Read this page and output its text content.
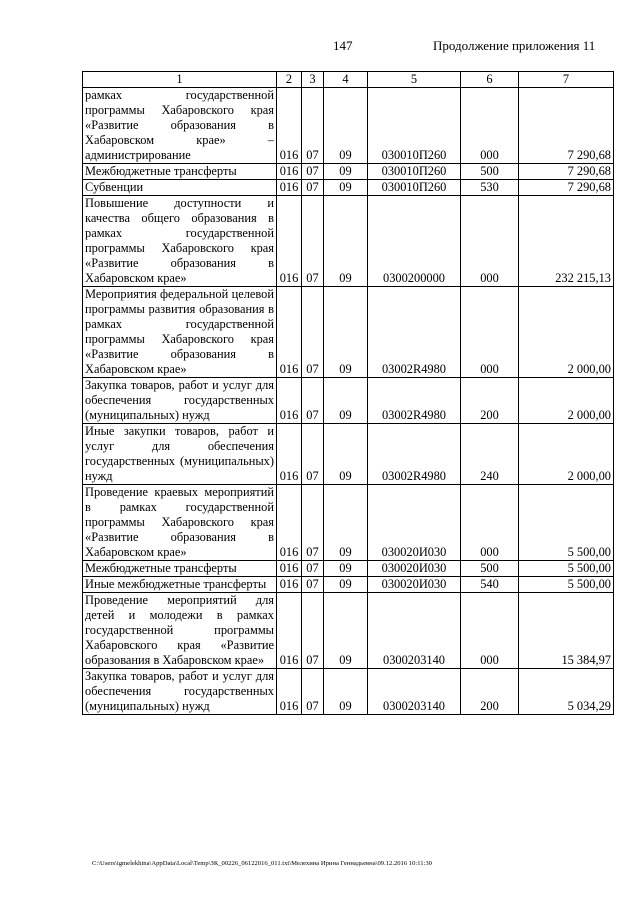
147	Продолжение приложения 11
1	2	3	4	5	6	7
рамках государственной программы Хабаровского края «Развитие образования в Хабаровском крае» – администрирование	016	07	09	030010П260	000	7 290,68
Межбюджетные трансферты	016	07	09	030010П260	500	7 290,68
Субвенции	016	07	09	030010П260	530	7 290,68
Повышение доступности и качества общего образования в рамках государственной программы Хабаровского края «Развитие образования в Хабаровском крае»	016	07	09	0300200000	000	232 215,13
Мероприятия федеральной целевой программы развития образования в рамках государственной программы Хабаровского края «Развитие образования в Хабаровском крае»	016	07	09	03002R4980	000	2 000,00
Закупка товаров, работ и услуг для обеспечения государственных (муниципальных) нужд	016	07	09	03002R4980	200	2 000,00
Иные закупки товаров, работ и услуг для обеспечения государственных (муниципальных) нужд	016	07	09	03002R4980	240	2 000,00
Проведение краевых мероприятий в рамках государственной программы Хабаровского края «Развитие образования в Хабаровском крае»	016	07	09	030020И030	000	5 500,00
Межбюджетные трансферты	016	07	09	030020И030	500	5 500,00
Иные межбюджетные трансферты	016	07	09	030020И030	540	5 500,00
Проведение мероприятий для детей и молодежи в рамках государственной программы Хабаровского края «Развитие образования в Хабаровском крае»	016	07	09	0300203140	000	15 384,97
Закупка товаров, работ и услуг для обеспечения государственных (муниципальных) нужд	016	07	09	0300203140	200	5 034,29
C:\Users\igmelekhina\AppData\Local\Temp\ЗК_00226_06122016_011.txt\Мелехина Ирина Геннадьевна\09.12.2016 10:11:30
